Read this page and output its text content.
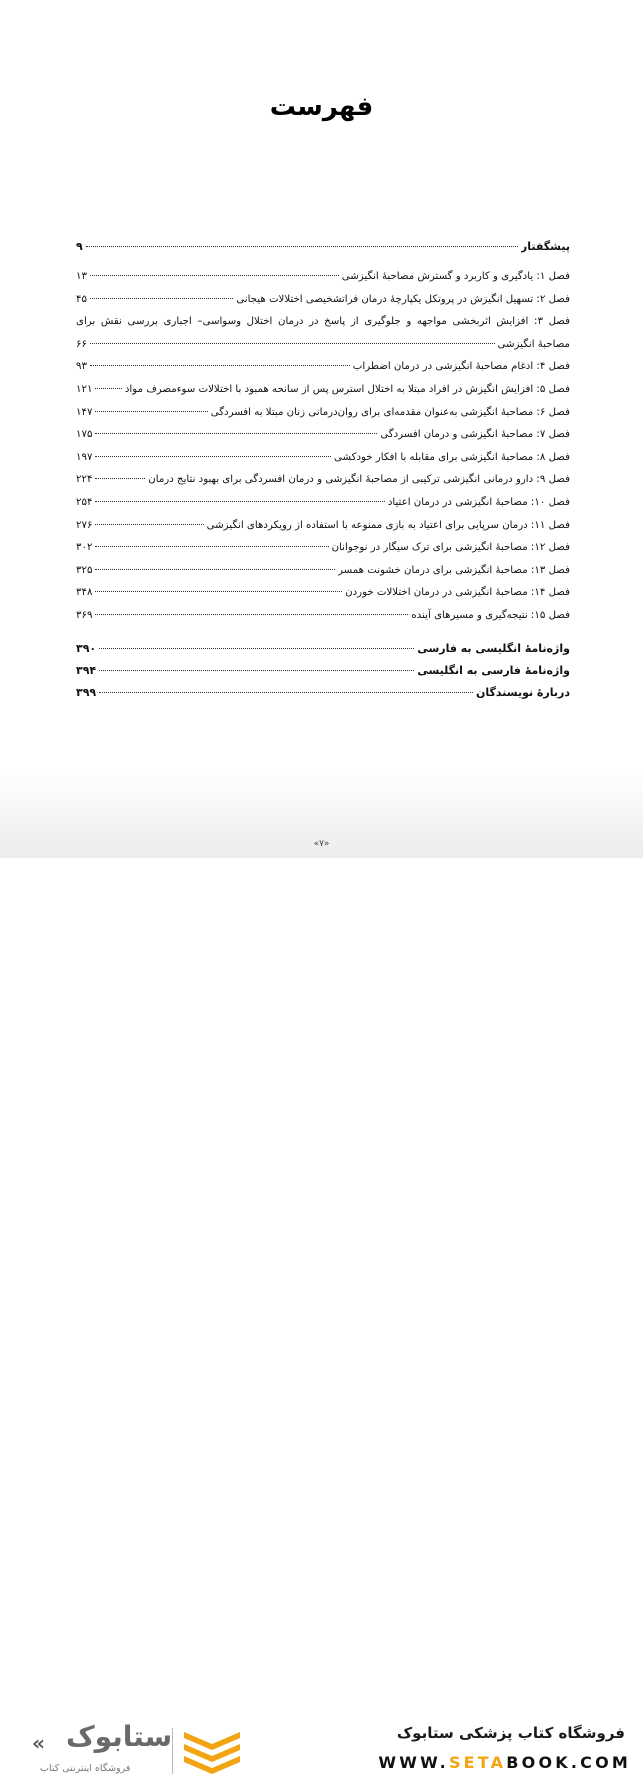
فهرست
پیشگفتار
۹
فصل ۱: یادگیری و کاربرد و گسترش مصاحبهٔ انگیزشی
۱۳
فصل ۲: تسهیل انگیزش در پروتکل یکپارچهٔ درمان فراتشخیصی اختلالات هیجانی
۴۵
فصل ۳: افزایش اثربخشی مواجهه و جلوگیری از پاسخ در درمان اختلال وسواسی– اجباری بررسی نقش برای
مصاحبهٔ انگیزشی
۶۶
فصل ۴: ادغام مصاحبهٔ انگیزشی در درمان اضطراب
۹۳
فصل ۵: افزایش انگیزش در افراد مبتلا به اختلال استرس پس از سانحه همبود با اختلالات سوءمصرف مواد
۱۲۱
فصل ۶: مصاحبهٔ انگیزشی به‌عنوان مقدمه‌ای برای روان‌درمانی زنان مبتلا به افسردگی
۱۴۷
فصل ۷: مصاحبهٔ انگیزشی و درمان افسردگی
۱۷۵
فصل ۸: مصاحبهٔ انگیزشی برای مقابله با افکار خودکشی
۱۹۷
فصل ۹: دارو درمانی انگیزشی ترکیبی از مصاحبهٔ انگیزشی و درمان افسردگی برای بهبود نتایج درمان
۲۲۴
فصل ۱۰: مصاحبهٔ انگیزشی در درمان اعتیاد
۲۵۴
فصل ۱۱: درمان سرپایی برای اعتیاد به بازی ممنوعه با استفاده از رویکردهای انگیزشی
۲۷۶
فصل ۱۲: مصاحبهٔ انگیزشی برای ترک سیگار در نوجوانان
۳۰۲
فصل ۱۳: مصاحبهٔ انگیزشی برای درمان خشونت همسر
۳۲۵
فصل ۱۴: مصاحبهٔ انگیزشی در درمان اختلالات خوردن
۳۴۸
فصل ۱۵: نتیجه‌گیری و مسیرهای آینده
۳۶۹
واژه‌نامهٔ انگلیسی به فارسی
۳۹۰
واژه‌نامهٔ فارسی به انگلیسی
۳۹۴
دربارهٔ نویسندگان
۳۹۹
«۷»
« ستابوک
فروشگاه اینترنتی کتاب
فروشگاه کتاب پزشکی ستابوک
WWW.SETABOOK.COM
